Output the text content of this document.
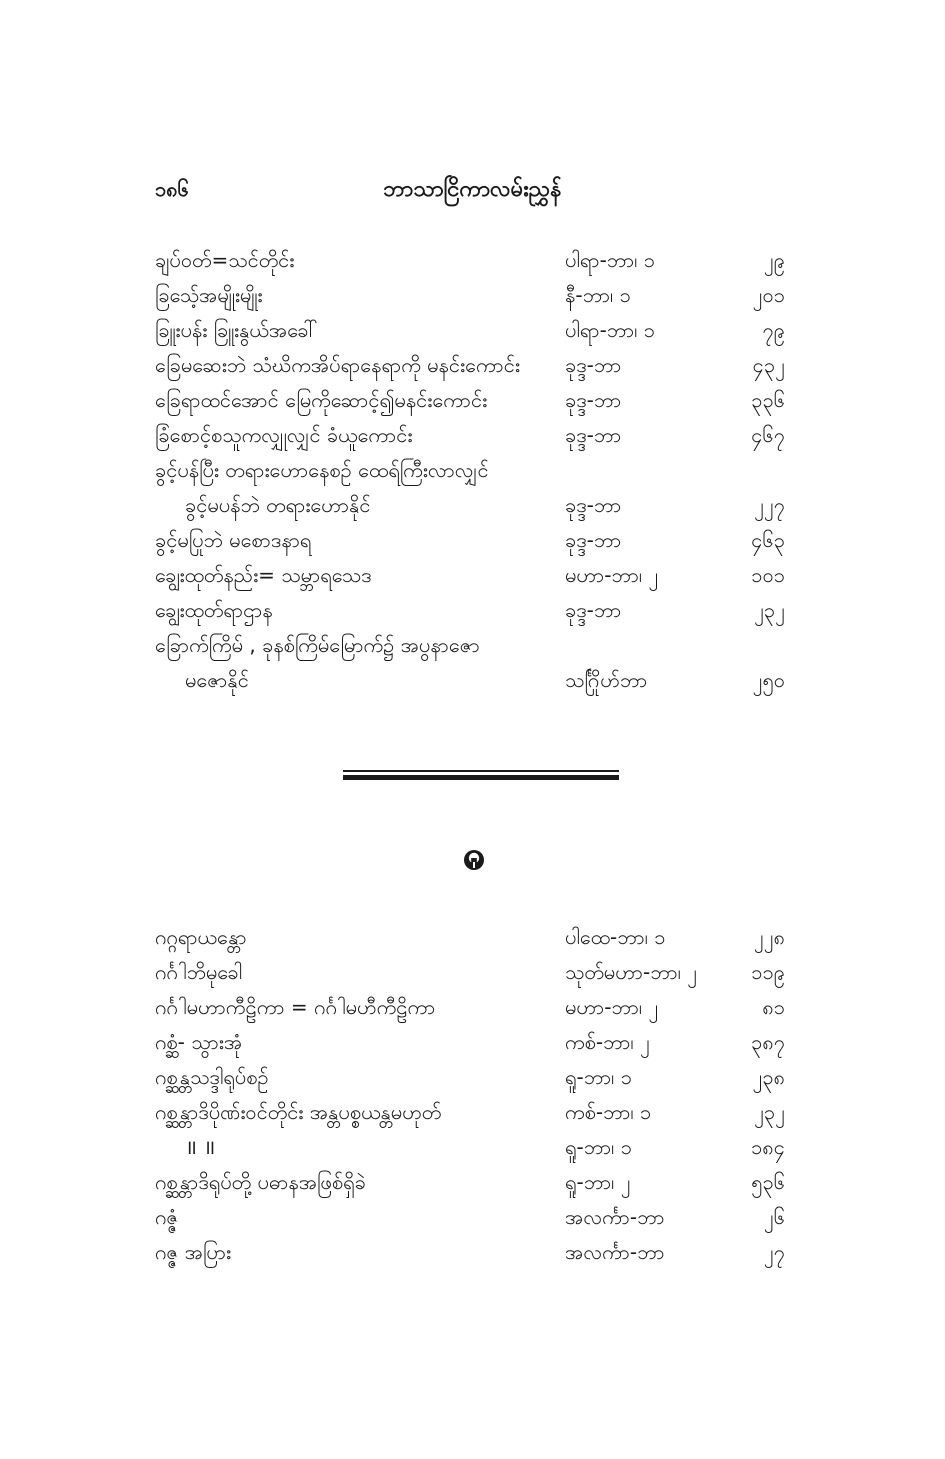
၁၈၆	ဘာသာငြိကာလမ်းညွှန်
ချပ်ဝတ်=သင်တိုင်း	ပါရာ-ဘာ၊ ၁	၂၉
ခြသေ့်အမျိုးမျိုး	နီ-ဘာ၊ ၁	၂၀၁
ခြူးပန်း ခြူးနွယ်အခေါ်	ပါရာ-ဘာ၊ ၁	၇၉
ခြေမဆေးဘဲ သံဃိကအိပ်ရာနေရာကို မနင်းကောင်း ခုဒ္ဒ-ဘာ	၄၃၂
ခြေရာထင်အောင် မြေကိုဆောင့်၍မနင်းကောင်း	ခုဒ္ဒ-ဘာ	၃၃၆
ခြံစောင့်စသူကလျှုလျှင် ခံယူကောင်း	ခုဒ္ဒ-ဘာ	၄၆၇
ခွင့်ပန်ပြီး တရားဟောနေစဉ် ထေရ်ကြီးလာလျှင်
ခွင့်မပန်ဘဲ တရားဟောနိုင်	ခုဒ္ဒ-ဘာ	၂၂၇
ခွင့်မပြုဘဲ မစောဒနာရ	ခုဒ္ဒ-ဘာ	၄၆၃
ချွေးထုတ်နည်း= သမ္ဘာရသေဒ	မဟာ-ဘာ၊ ၂	၁၀၁
ချွေးထုတ်ရာဌာန	ခုဒ္ဒ-ဘာ	၂၃၂
ခြောက်ကြိမ် , ခုနစ်ကြိမ်မြောက်၌ အပွနာဇော
မဇောနိုင်	သင်္ဂြိုဟ်ဘာ	၂၅၀
ဂဂ္ဂရာယန္တော	ပါထေ-ဘာ၊ ၁	၂၂၈
ဂင်္ဂါဘိမုခေါ	သုတ်မဟာ-ဘာ၊ ၂	၁၁၉
ဂင်္ဂါမဟာကီဠိကာ = ဂင်္ဂါမဟီကီဠိကာ	မဟာ-ဘာ၊ ၂	၈၁
ဂစ္ဆံ- သွားအုံ	ကစ်-ဘာ၊ ၂	၃၈၇
ဂစ္ဆန္တသဒ္ဒါရုပ်စဉ်	ရူ-ဘာ၊ ၁	၂၃၈
ဂစ္ဆန္တာဒိပိုဏ်းဝင်တိုင်း အန္တပစ္စယန္တမဟုတ်	ကစ်-ဘာ၊ ၁	၂၃၂
॥ ॥	ရူ-ဘာ၊ ၁	၁၈၄
ဂစ္ဆန္တာဒိရုပ်တို့ ပဓာနအဖြစ်ရှိခဲ	ရူ-ဘာ၊ ၂	၅၃၆
ဂဇ္ဇံ	အလင်္ကာ-ဘာ	၂၆
ဂဇ္ဇ အပြား	အလင်္ကာ-ဘာ	၂၇
